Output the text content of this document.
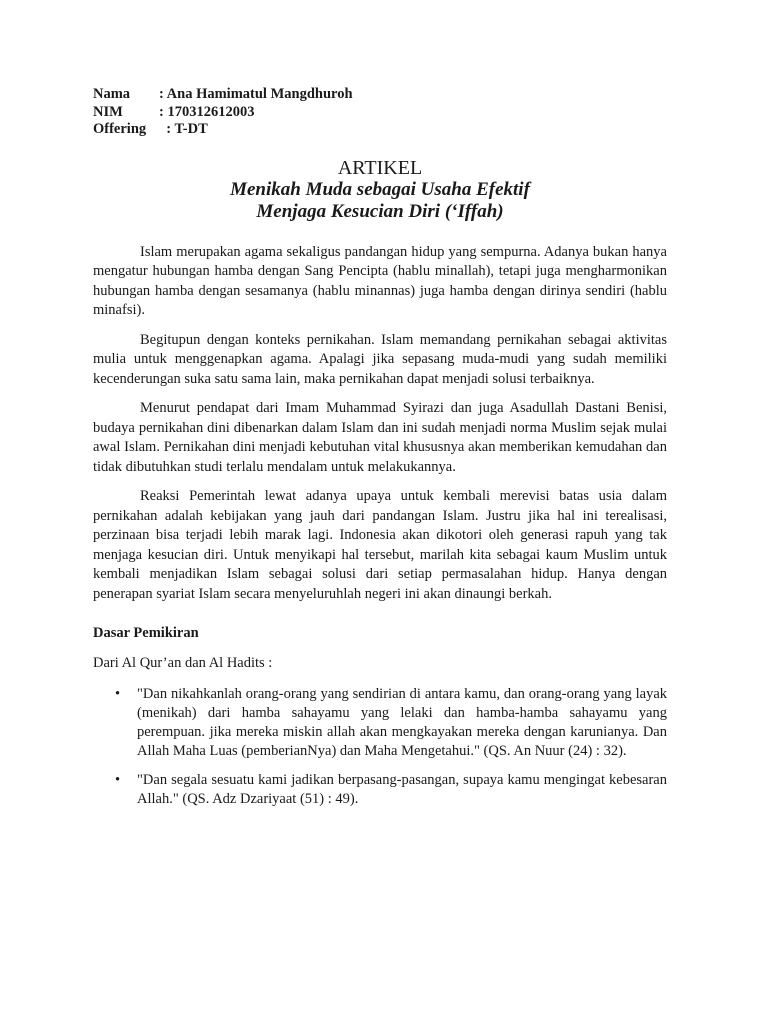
Nama	: Ana Hamimatul Mangdhuroh
NIM	: 170312612003
Offering : T-DT
ARTIKEL
Menikah Muda sebagai Usaha Efektif
Menjaga Kesucian Diri (‘Iffah)

Islam merupakan agama sekaligus pandangan hidup yang sempurna. Adanya bukan hanya mengatur hubungan hamba dengan Sang Pencipta (hablu minallah), tetapi juga mengharmonikan hubungan hamba dengan sesamanya (hablu minannas) juga hamba dengan dirinya sendiri (hablu minafsi).

Begitupun dengan konteks pernikahan. Islam memandang pernikahan sebagai aktivitas mulia untuk menggenapkan agama. Apalagi jika sepasang muda-mudi yang sudah memiliki kecenderungan suka satu sama lain, maka pernikahan dapat menjadi solusi terbaiknya.

Menurut pendapat dari Imam Muhammad Syirazi dan juga Asadullah Dastani Benisi, budaya pernikahan dini dibenarkan dalam Islam dan ini sudah menjadi norma Muslim sejak mulai awal Islam. Pernikahan dini menjadi kebutuhan vital khususnya akan memberikan kemudahan dan tidak dibutuhkan studi terlalu mendalam untuk melakukannya.

Reaksi Pemerintah lewat adanya upaya untuk kembali merevisi batas usia dalam pernikahan adalah kebijakan yang jauh dari pandangan Islam. Justru jika hal ini terealisasi, perzinaan bisa terjadi lebih marak lagi. Indonesia akan dikotori oleh generasi rapuh yang tak menjaga kesucian diri. Untuk menyikapi hal tersebut, marilah kita sebagai kaum Muslim untuk kembali menjadikan Islam sebagai solusi dari setiap permasalahan hidup. Hanya dengan penerapan syariat Islam secara menyeluruhlah negeri ini akan dinaungi berkah.

Dasar Pemikiran
Dari Al Qur’an dan Al Hadits :
• "Dan nikahkanlah orang-orang yang sendirian di antara kamu, dan orang-orang yang layak (menikah) dari hamba sahayamu yang lelaki dan hamba-hamba sahayamu yang perempuan. jika mereka miskin allah akan mengkayakan mereka dengan karunianya. Dan Allah Maha Luas (pemberianNya) dan Maha Mengetahui." (QS. An Nuur (24) : 32).
• "Dan segala sesuatu kami jadikan berpasang-pasangan, supaya kamu mengingat kebesaran Allah." (QS. Adz Dzariyaat (51) : 49).
